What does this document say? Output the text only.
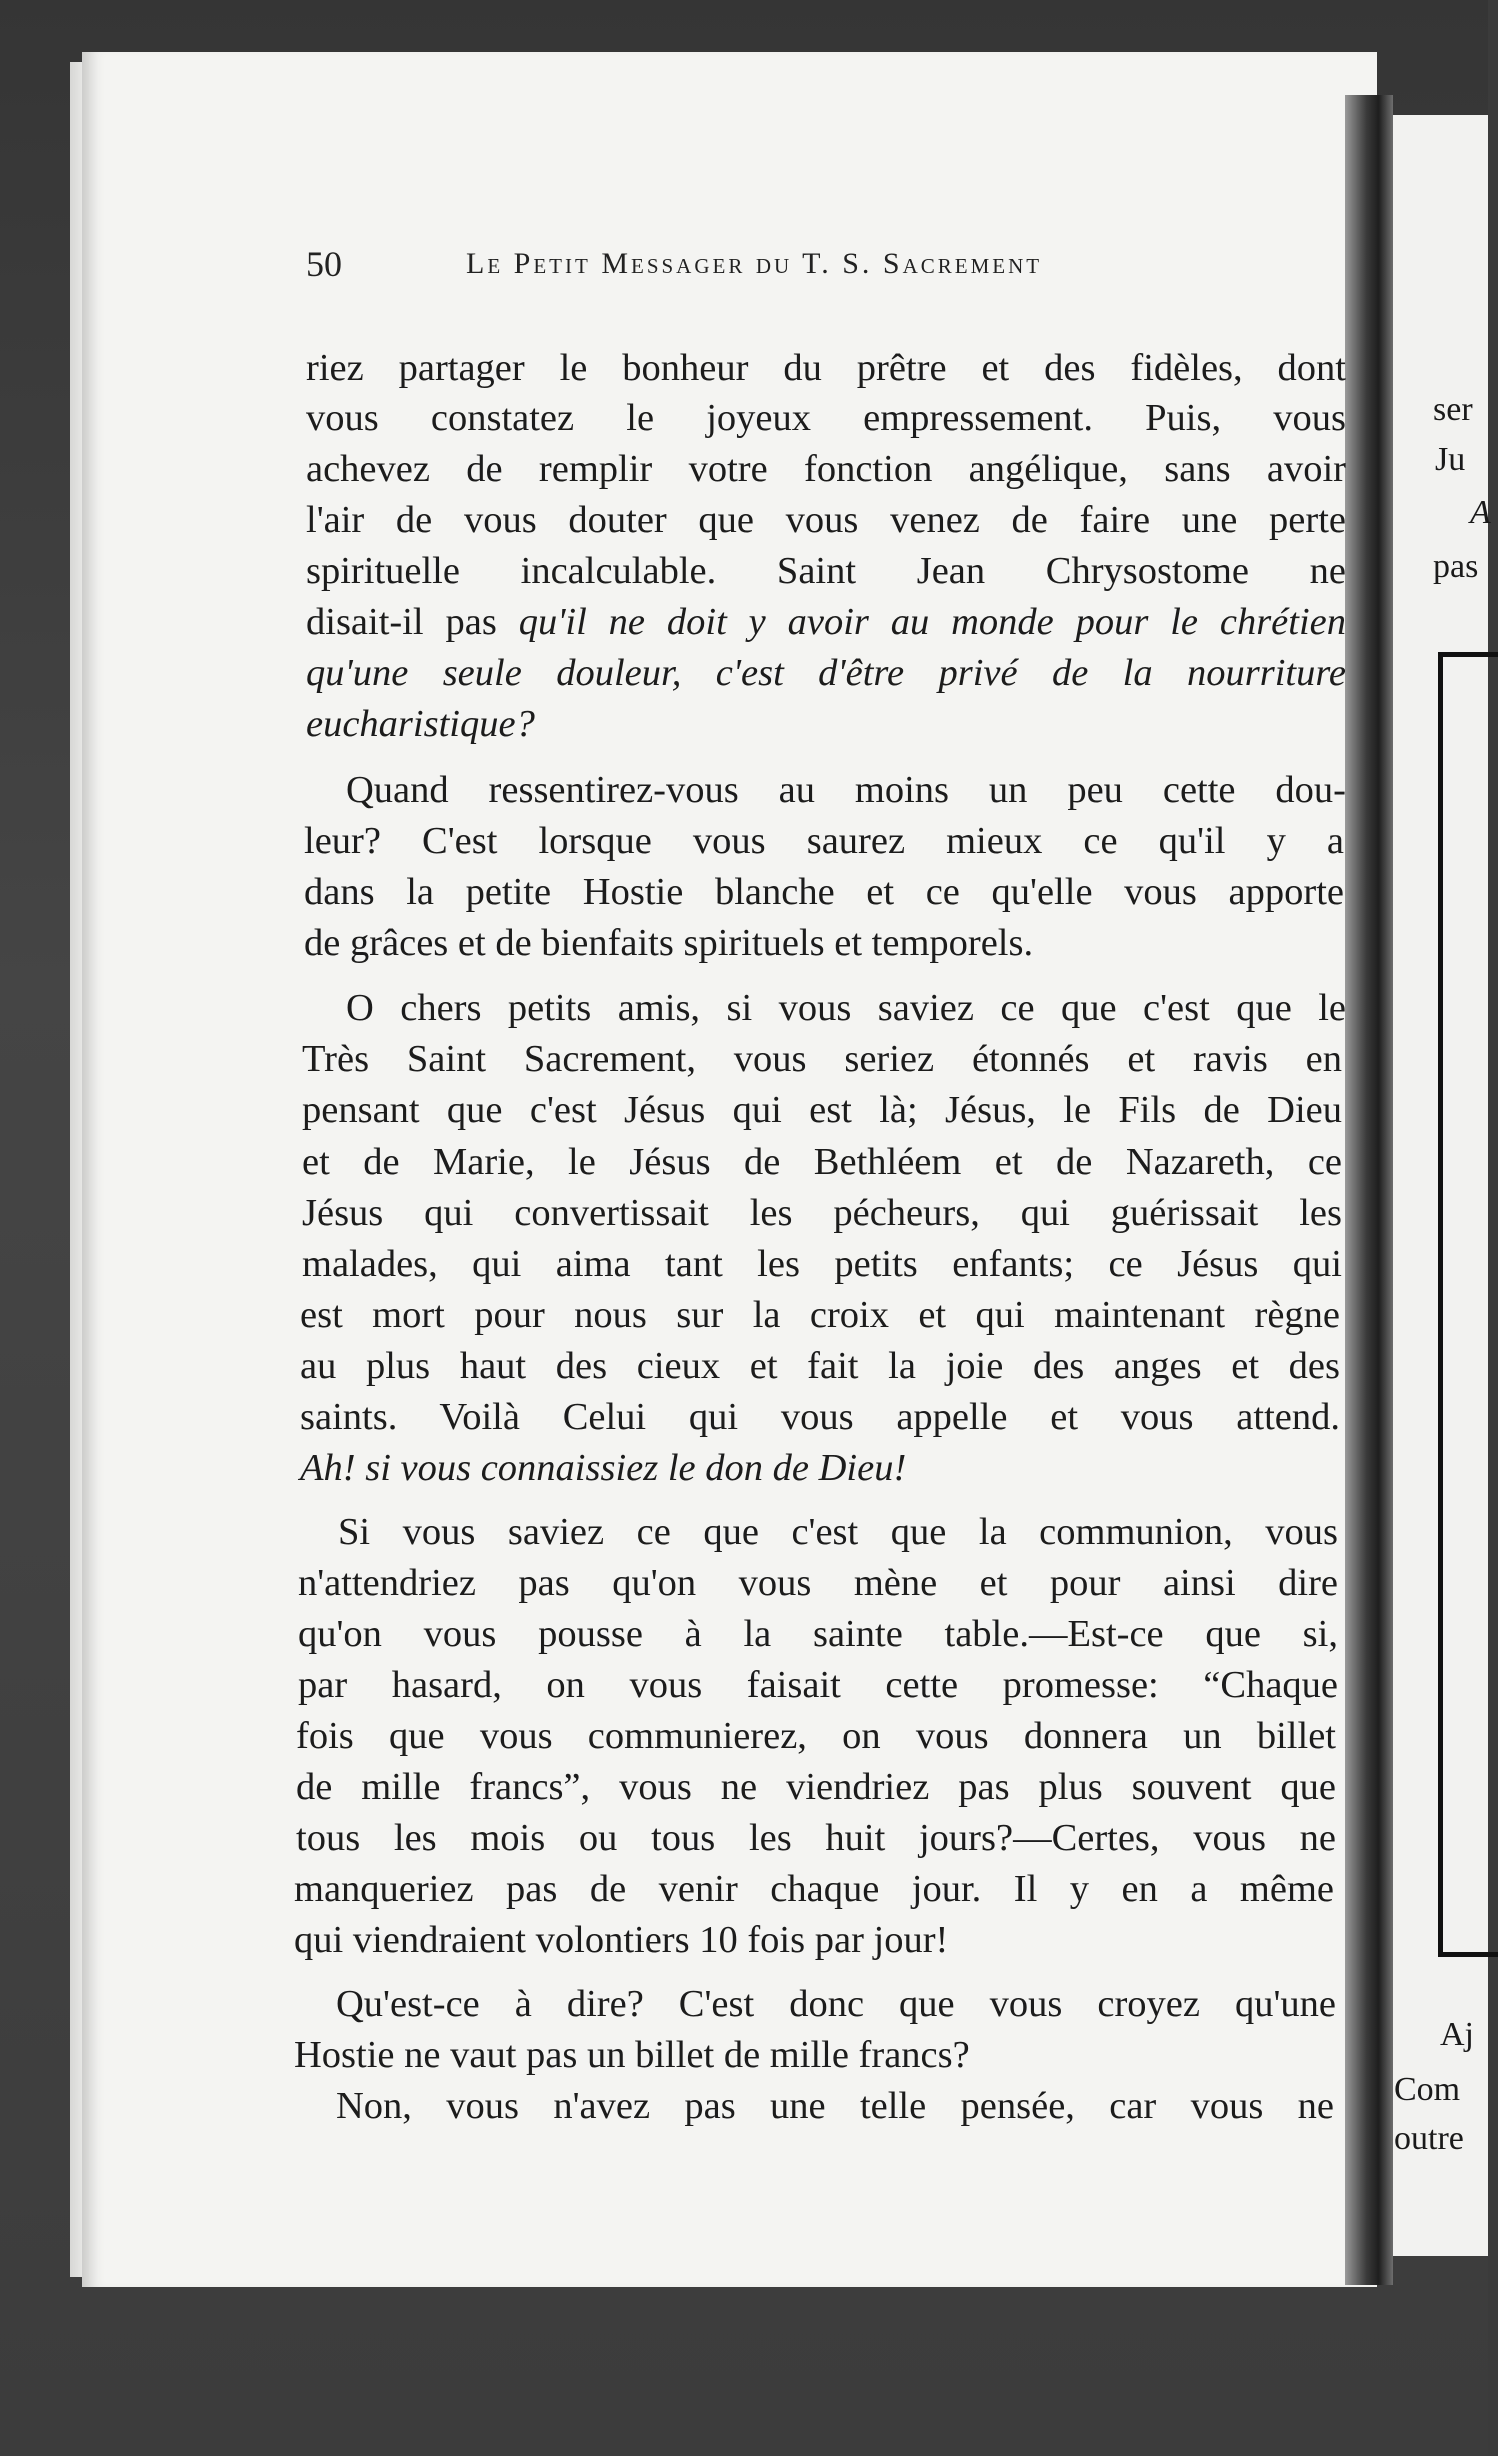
ser
Ju
A
pas
Aj
Com
outre
50	Le Petit Messager du T. S. Sacrement
riez partager le bonheur du prêtre et des fidèles, dont
vous constatez le joyeux empressement. Puis, vous
achevez de remplir votre fonction angélique, sans avoir
l'air de vous douter que vous venez de faire une perte
spirituelle incalculable. Saint Jean Chrysostome ne
disait-il pas qu'il ne doit y avoir au monde pour le chrétien
qu'une seule douleur, c'est d'être privé de la nourriture
eucharistique?
Quand ressentirez-vous au moins un peu cette dou-
leur? C'est lorsque vous saurez mieux ce qu'il y a
dans la petite Hostie blanche et ce qu'elle vous apporte
de grâces et de bienfaits spirituels et temporels.
O chers petits amis, si vous saviez ce que c'est que le
Très Saint Sacrement, vous seriez étonnés et ravis en
pensant que c'est Jésus qui est là; Jésus, le Fils de Dieu
et de Marie, le Jésus de Bethléem et de Nazareth, ce
Jésus qui convertissait les pécheurs, qui guérissait les
malades, qui aima tant les petits enfants; ce Jésus qui
est mort pour nous sur la croix et qui maintenant règne
au plus haut des cieux et fait la joie des anges et des
saints. Voilà Celui qui vous appelle et vous attend.
Ah! si vous connaissiez le don de Dieu!
Si vous saviez ce que c'est que la communion, vous
n'attendriez pas qu'on vous mène et pour ainsi dire
qu'on vous pousse à la sainte table.—Est-ce que si,
par hasard, on vous faisait cette promesse: “Chaque
fois que vous communierez, on vous donnera un billet
de mille francs”, vous ne viendriez pas plus souvent que
tous les mois ou tous les huit jours?—Certes, vous ne
manqueriez pas de venir chaque jour. Il y en a même
qui viendraient volontiers 10 fois par jour!
Qu'est-ce à dire? C'est donc que vous croyez qu'une
Hostie ne vaut pas un billet de mille francs?
Non, vous n'avez pas une telle pensée, car vous ne
